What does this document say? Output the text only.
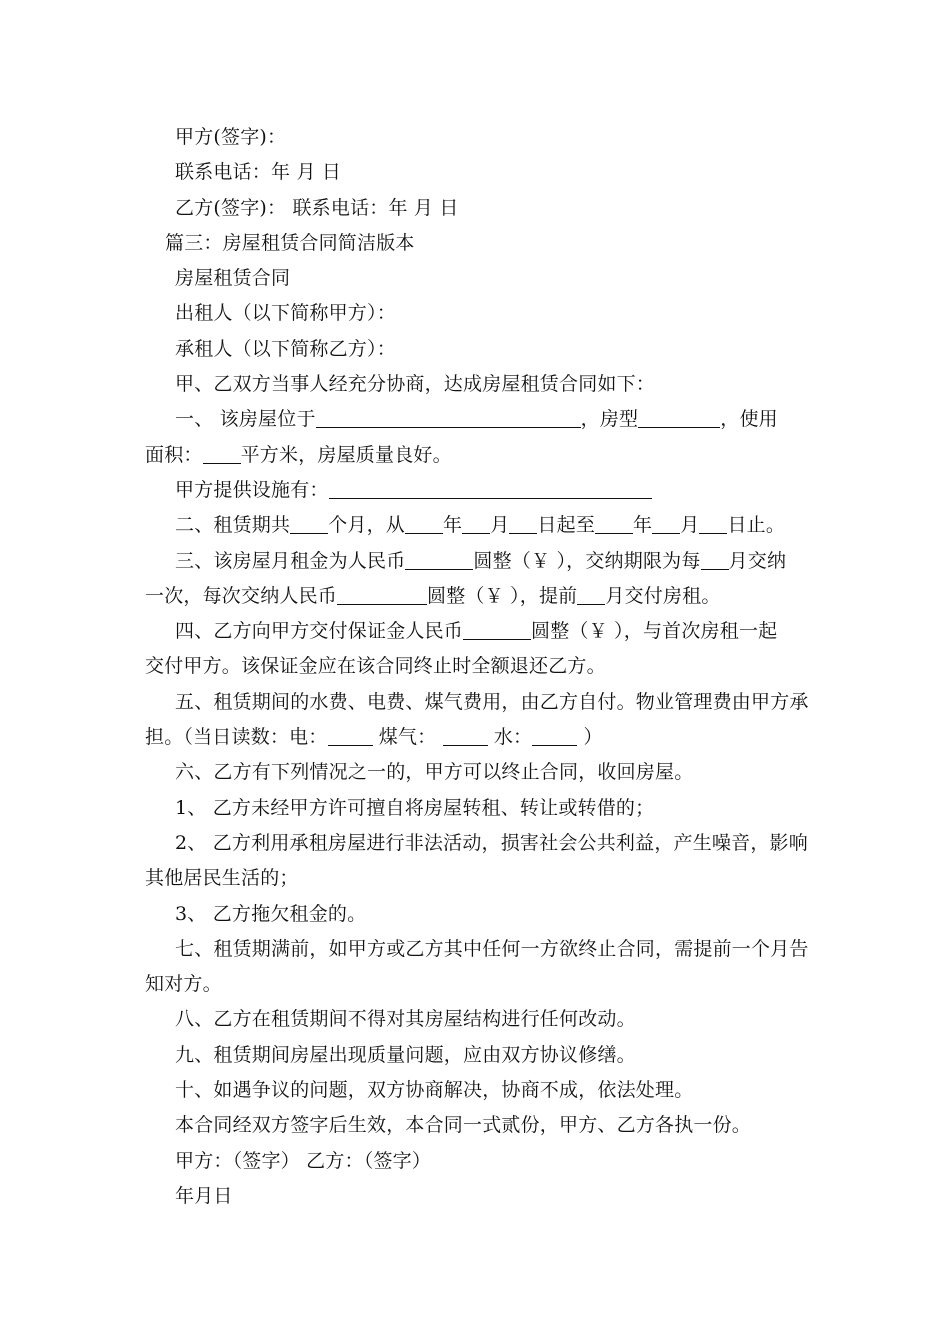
甲方(签字)：
联系电话：年 月 日
乙方(签字)： 联系电话：年 月 日
篇三：房屋租赁合同简洁版本
房屋租赁合同
出租人（以下简称甲方）：
承租人（以下简称乙方）：
甲、乙双方当事人经充分协商，达成房屋租赁合同如下：
一、 该房屋位于	，房型	，使用
面积： 平方米，房屋质量良好。
甲方提供设施有：
二、租赁期共 个月，从 年 月 日起至 年 月 日止。
三、该房屋月租金为人民币	圆整（￥ ），交纳期限为每 月交纳
一次，每次交纳人民币	圆整（￥ ），提前 月交付房租。
四、乙方向甲方交付保证金人民币	圆整（￥ ），与首次房租一起
交付甲方。该保证金应在该合同终止时全额退还乙方。
五、租赁期间的水费、电费、煤气费用，由乙方自付。物业管理费由甲方承
担。（当日读数：电： 煤气：  水： ）
六、乙方有下列情况之一的，甲方可以终止合同，收回房屋。
1、 乙方未经甲方许可擅自将房屋转租、转让或转借的；
2、 乙方利用承租房屋进行非法活动，损害社会公共利益，产生噪音，影响
其他居民生活的；
3、 乙方拖欠租金的。
七、租赁期满前，如甲方或乙方其中任何一方欲终止合同，需提前一个月告
知对方。
八、乙方在租赁期间不得对其房屋结构进行任何改动。
九、租赁期间房屋出现质量问题，应由双方协议修缮。
十、如遇争议的问题，双方协商解决，协商不成，依法处理。
本合同经双方签字后生效，本合同一式贰份，甲方、乙方各执一份。
甲方：（签字） 乙方：（签字）
年月日
